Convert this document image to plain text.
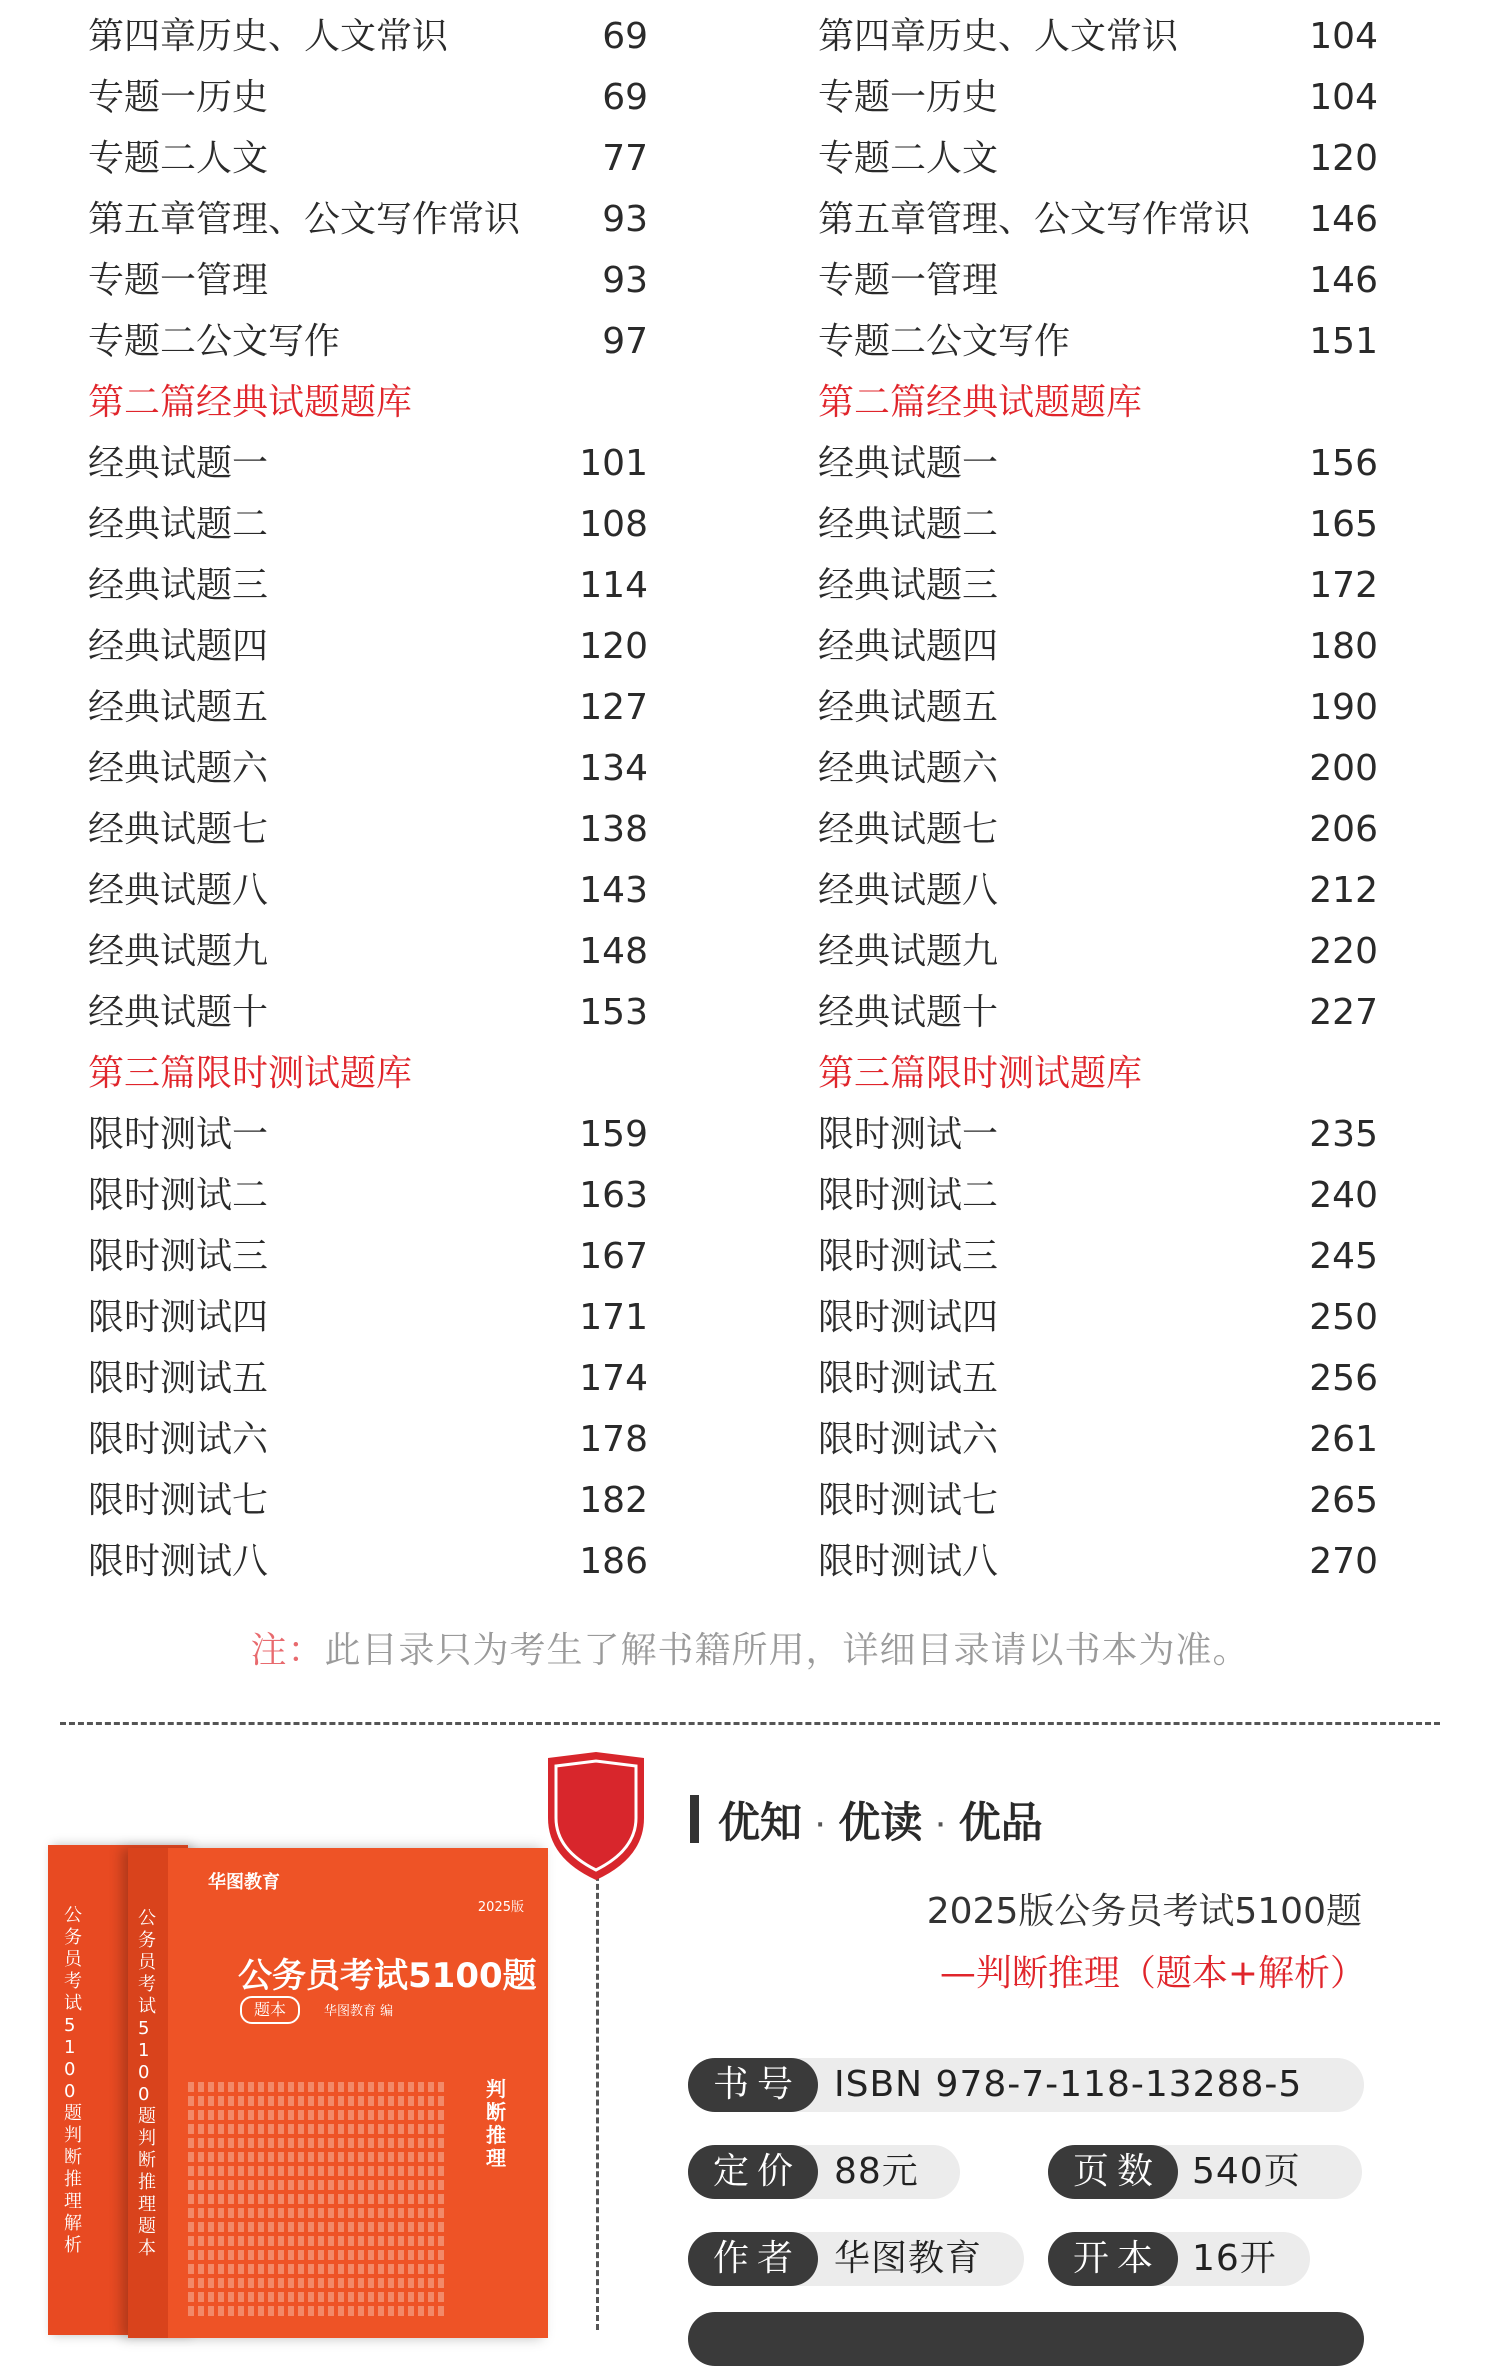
第四章历史、人文常识	69
专题一历史	69
专题二人文	77
第五章管理、公文写作常识 93
专题一管理	93
专题二公文写作	97
第二篇经典试题题库
经典试题一	101
经典试题二	108
经典试题三	114
经典试题四	120
经典试题五	127
经典试题六	134
经典试题七	138
经典试题八	143
经典试题九	148
经典试题十	153
第三篇限时测试题库
限时测试一	159
限时测试二	163
限时测试三	167
限时测试四	171
限时测试五	174
限时测试六	178
限时测试七	182
限时测试八	186
第四章历史、人文常识	104
专题一历史	104
专题二人文	120
第五章管理、公文写作常识 146
专题一管理	146
专题二公文写作	151
第二篇经典试题题库
经典试题一	156
经典试题二	165
经典试题三	172
经典试题四	180
经典试题五	190
经典试题六	200
经典试题七	206
经典试题八	212
经典试题九	220
经典试题十	227
第三篇限时测试题库
限时测试一	235
限时测试二	240
限时测试三	245
限时测试四	250
限时测试五	256
限时测试六	261
限时测试七	265
限时测试八	270
注：此目录只为考生了解书籍所用，详细目录请以书本为准。
华图
公务员考试5100题 判断推理 解析
公务员考试5100题 判断推理 题本
华图教育
2025版
公务员考试5100题
题本	华图教育 编
判断推理
优知 · 优读 · 优品
2025版公务员考试5100题
—判断推理（题本+解析）
书号 ISBN 978-7-118-13288-5
定价 88元	页数 540页
作者 华图教育	开本 16开
